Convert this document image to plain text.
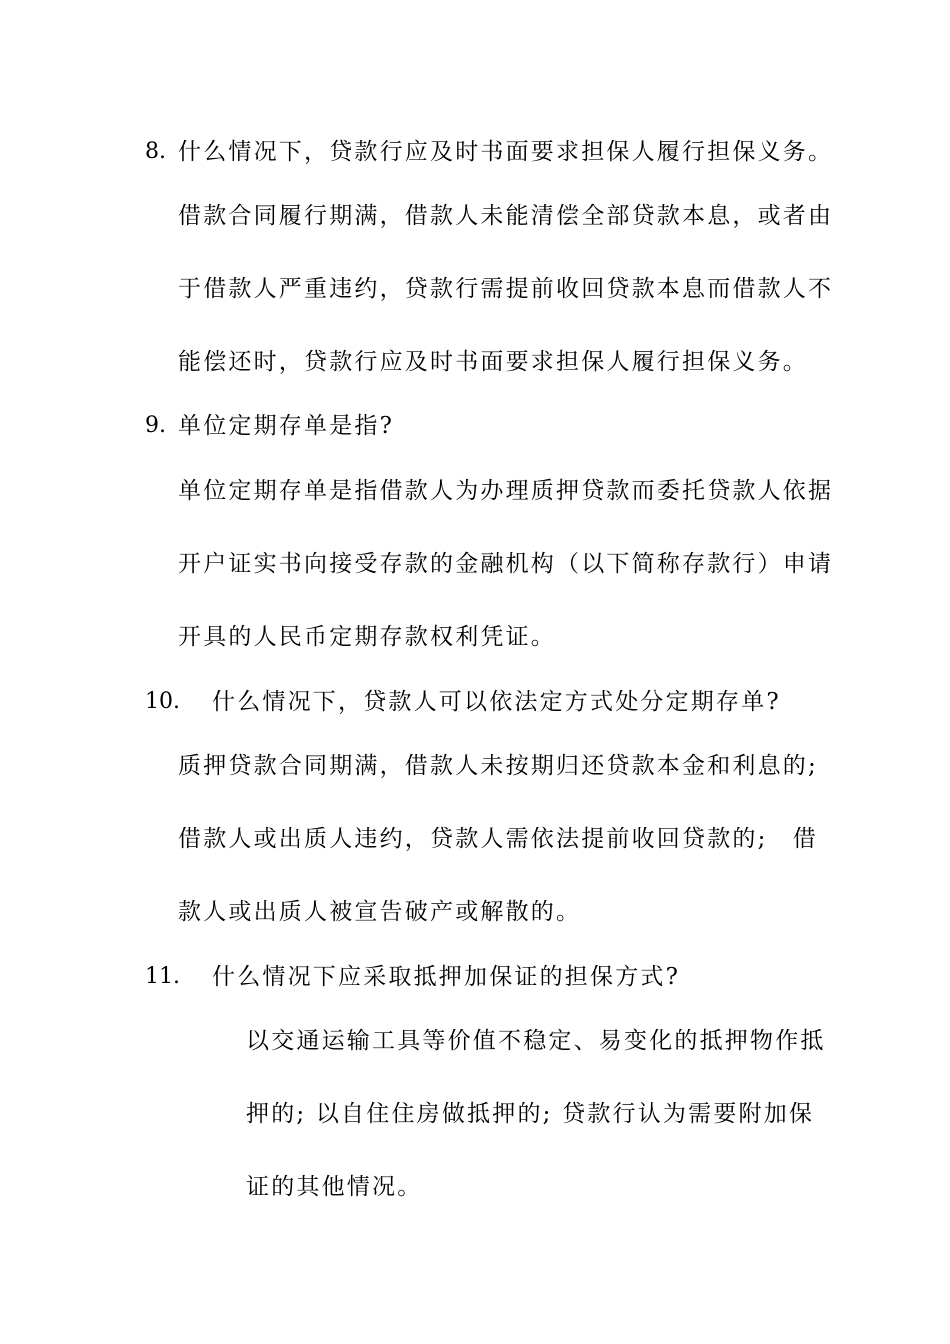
8. 什么情况下，贷款行应及时书面要求担保人履行担保义务。
借款合同履行期满，借款人未能清偿全部贷款本息，或者由
于借款人严重违约，贷款行需提前收回贷款本息而借款人不
能偿还时，贷款行应及时书面要求担保人履行担保义务。
9. 单位定期存单是指?
单位定期存单是指借款人为办理质押贷款而委托贷款人依据
开户证实书向接受存款的金融机构（以下简称存款行）申请
开具的人民币定期存款权利凭证。
10. 什么情况下，贷款人可以依法定方式处分定期存单?
质押贷款合同期满，借款人未按期归还贷款本金和利息的;
借款人或出质人违约，贷款人需依法提前收回贷款的;　借
款人或出质人被宣告破产或解散的。
11. 什么情况下应采取抵押加保证的担保方式?
以交通运输工具等价值不稳定、易变化的抵押物作抵
押的; 以自住住房做抵押的; 贷款行认为需要附加保
证的其他情况。
